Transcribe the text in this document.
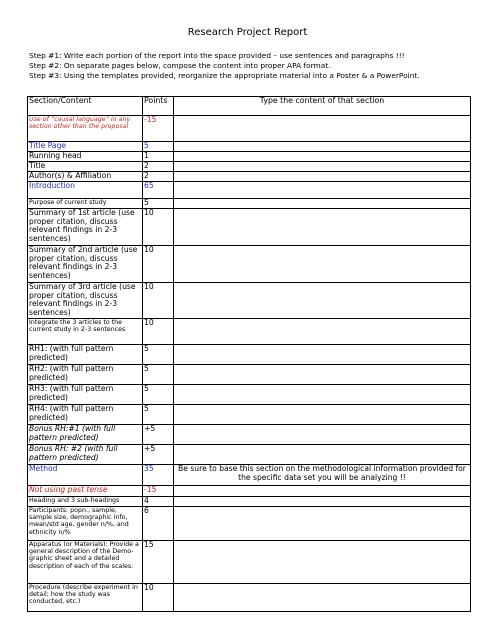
Research Project Report
Step #1: Write each portion of the report into the space provided – use sentences and paragraphs !!!
Step #2: On separate pages below, compose the content into proper APA format.
Step #3: Using the templates provided, reorganize the appropriate material into a Poster & a PowerPoint.
Section/Content	Points	Type the content of that section
Use of “causal language” in any section other than the proposal	-15	
Title Page	5	
Running head	1	
Title	2	
Author(s) & Affiliation	2	
Introduction	65	
Purpose of current study	5	
Summary of 1st article (use proper citation, discuss relevant findings in 2-3 sentences)	10	
Summary of 2nd article (use proper citation, discuss relevant findings in 2-3 sentences)	10	
Summary of 3rd article (use proper citation, discuss relevant findings in 2-3 sentences)	10	
Integrate the 3 articles to the current study in 2-3 sentences	10	
RH1: (with full pattern predicted)	5	
RH2: (with full pattern predicted)	5	
RH3: (with full pattern predicted)	5	
RH4: (with full pattern predicted)	5	
Bonus RH:#1 (with full pattern predicted)	+5	
Bonus RH: #2 (with full pattern predicted)	+5	
Method	35	Be sure to base this section on the methodological information provided for the specific data set you will be analyzing !!
Not using past tense	-15	
Heading and 3 sub-headings	4	
Participants: popn., sample, sample size, demographic info, mean/std age, gender n/%, and ethnicity n/%	6	
Apparatus (or Materials): Provide a general description of the Demo- graphic sheet and a detailed description of each of the scales:	15	
Procedure (describe experiment in detail; how the study was conducted, etc.)	10	
